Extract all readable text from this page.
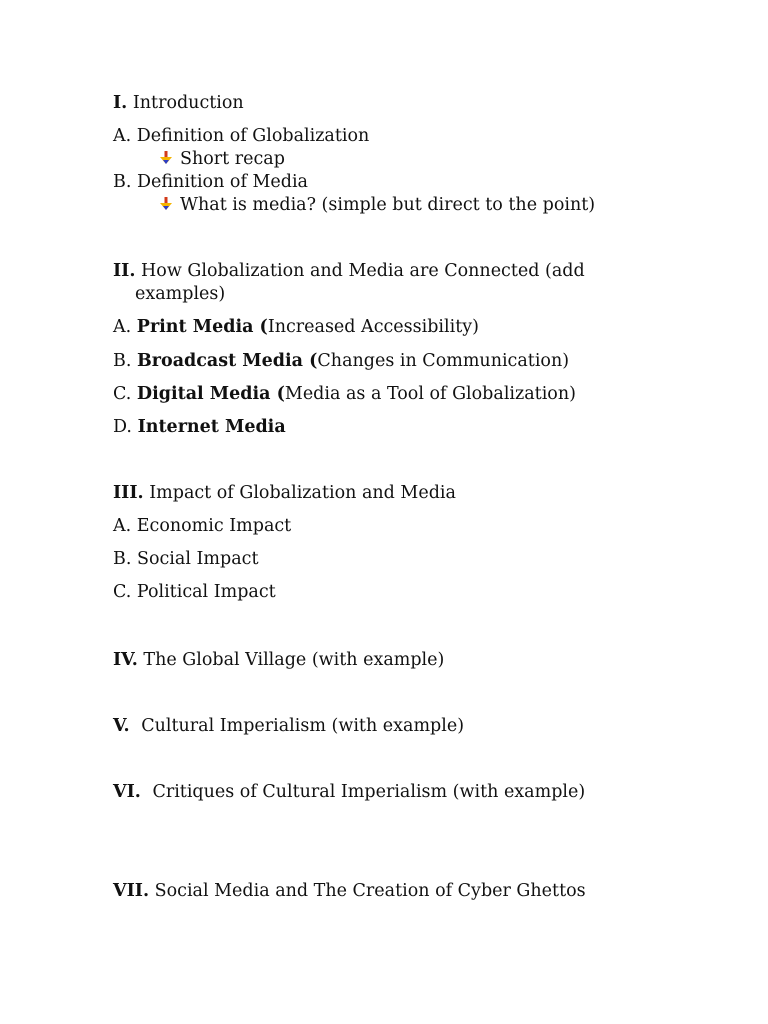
I. Introduction
A. Definition of Globalization
Short recap
B. Definition of Media
What is media? (simple but direct to the point)
II. How Globalization and Media are Connected (add
examples)
A. Print Media (Increased Accessibility)
B. Broadcast Media (Changes in Communication)
C. Digital Media (Media as a Tool of Globalization)
D. Internet Media
III. Impact of Globalization and Media
A. Economic Impact
B. Social Impact
C. Political Impact
IV. The Global Village (with example)
V. Cultural Imperialism (with example)
VI. Critiques of Cultural Imperialism (with example)
VII. Social Media and The Creation of Cyber Ghettos
